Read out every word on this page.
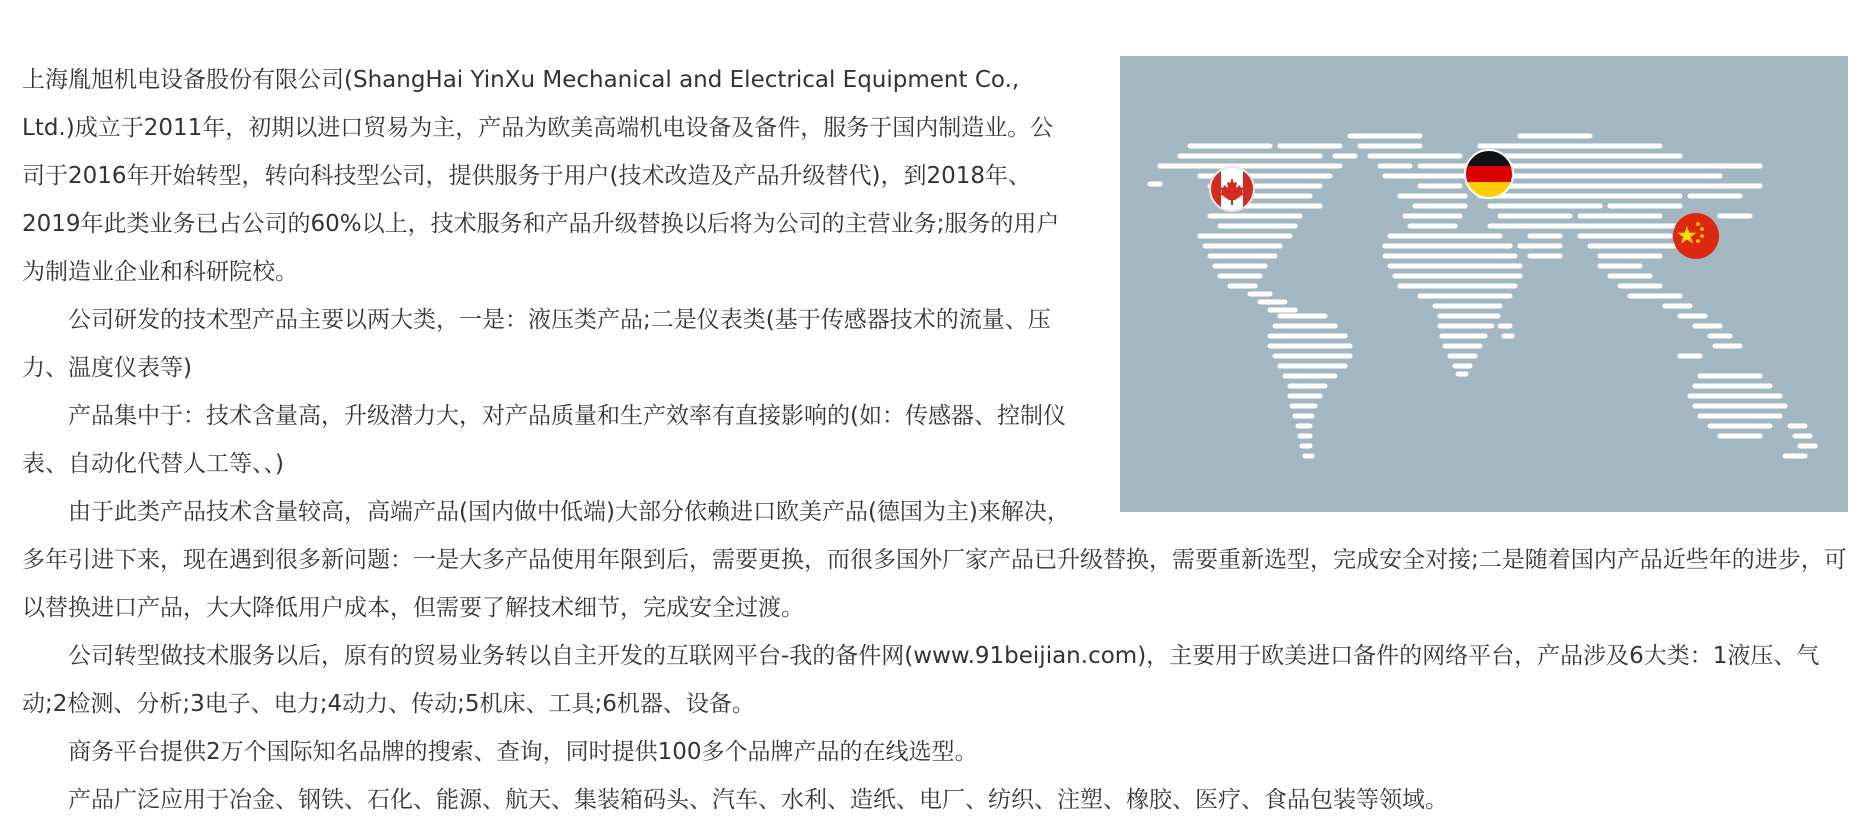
上海胤旭机电设备股份有限公司(ShangHai YinXu Mechanical and Electrical Equipment Co., Ltd.)成立于2011年，初期以进口贸易为主，产品为欧美高端机电设备及备件，服务于国内制造业。公司于2016年开始转型，转向科技型公司，提供服务于用户(技术改造及产品升级替代)，到2018年、2019年此类业务已占公司的60%以上，技术服务和产品升级替换以后将为公司的主营业务;服务的用户为制造业企业和科研院校。

公司研发的技术型产品主要以两大类，一是：液压类产品;二是仪表类(基于传感器技术的流量、压力、温度仪表等)

产品集中于：技术含量高，升级潜力大，对产品质量和生产效率有直接影响的(如：传感器、控制仪表、自动化代替人工等、、)

由于此类产品技术含量较高，高端产品(国内做中低端)大部分依赖进口欧美产品(德国为主)来解决，多年引进下来，现在遇到很多新问题：一是大多产品使用年限到后，需要更换，而很多国外厂家产品已升级替换，需要重新选型，完成安全对接;二是随着国内产品近些年的进步，可以替换进口产品，大大降低用户成本，但需要了解技术细节，完成安全过渡。

公司转型做技术服务以后，原有的贸易业务转以自主开发的互联网平台-我的备件网(www.91beijian.com)，主要用于欧美进口备件的网络平台，产品涉及6大类：1液压、气动;2检测、分析;3电子、电力;4动力、传动;5机床、工具;6机器、设备。

商务平台提供2万个国际知名品牌的搜索、查询，同时提供100多个品牌产品的在线选型。

产品广泛应用于冶金、钢铁、石化、能源、航天、集装箱码头、汽车、水利、造纸、电厂、纺织、注塑、橡胶、医疗、食品包装等领域。
